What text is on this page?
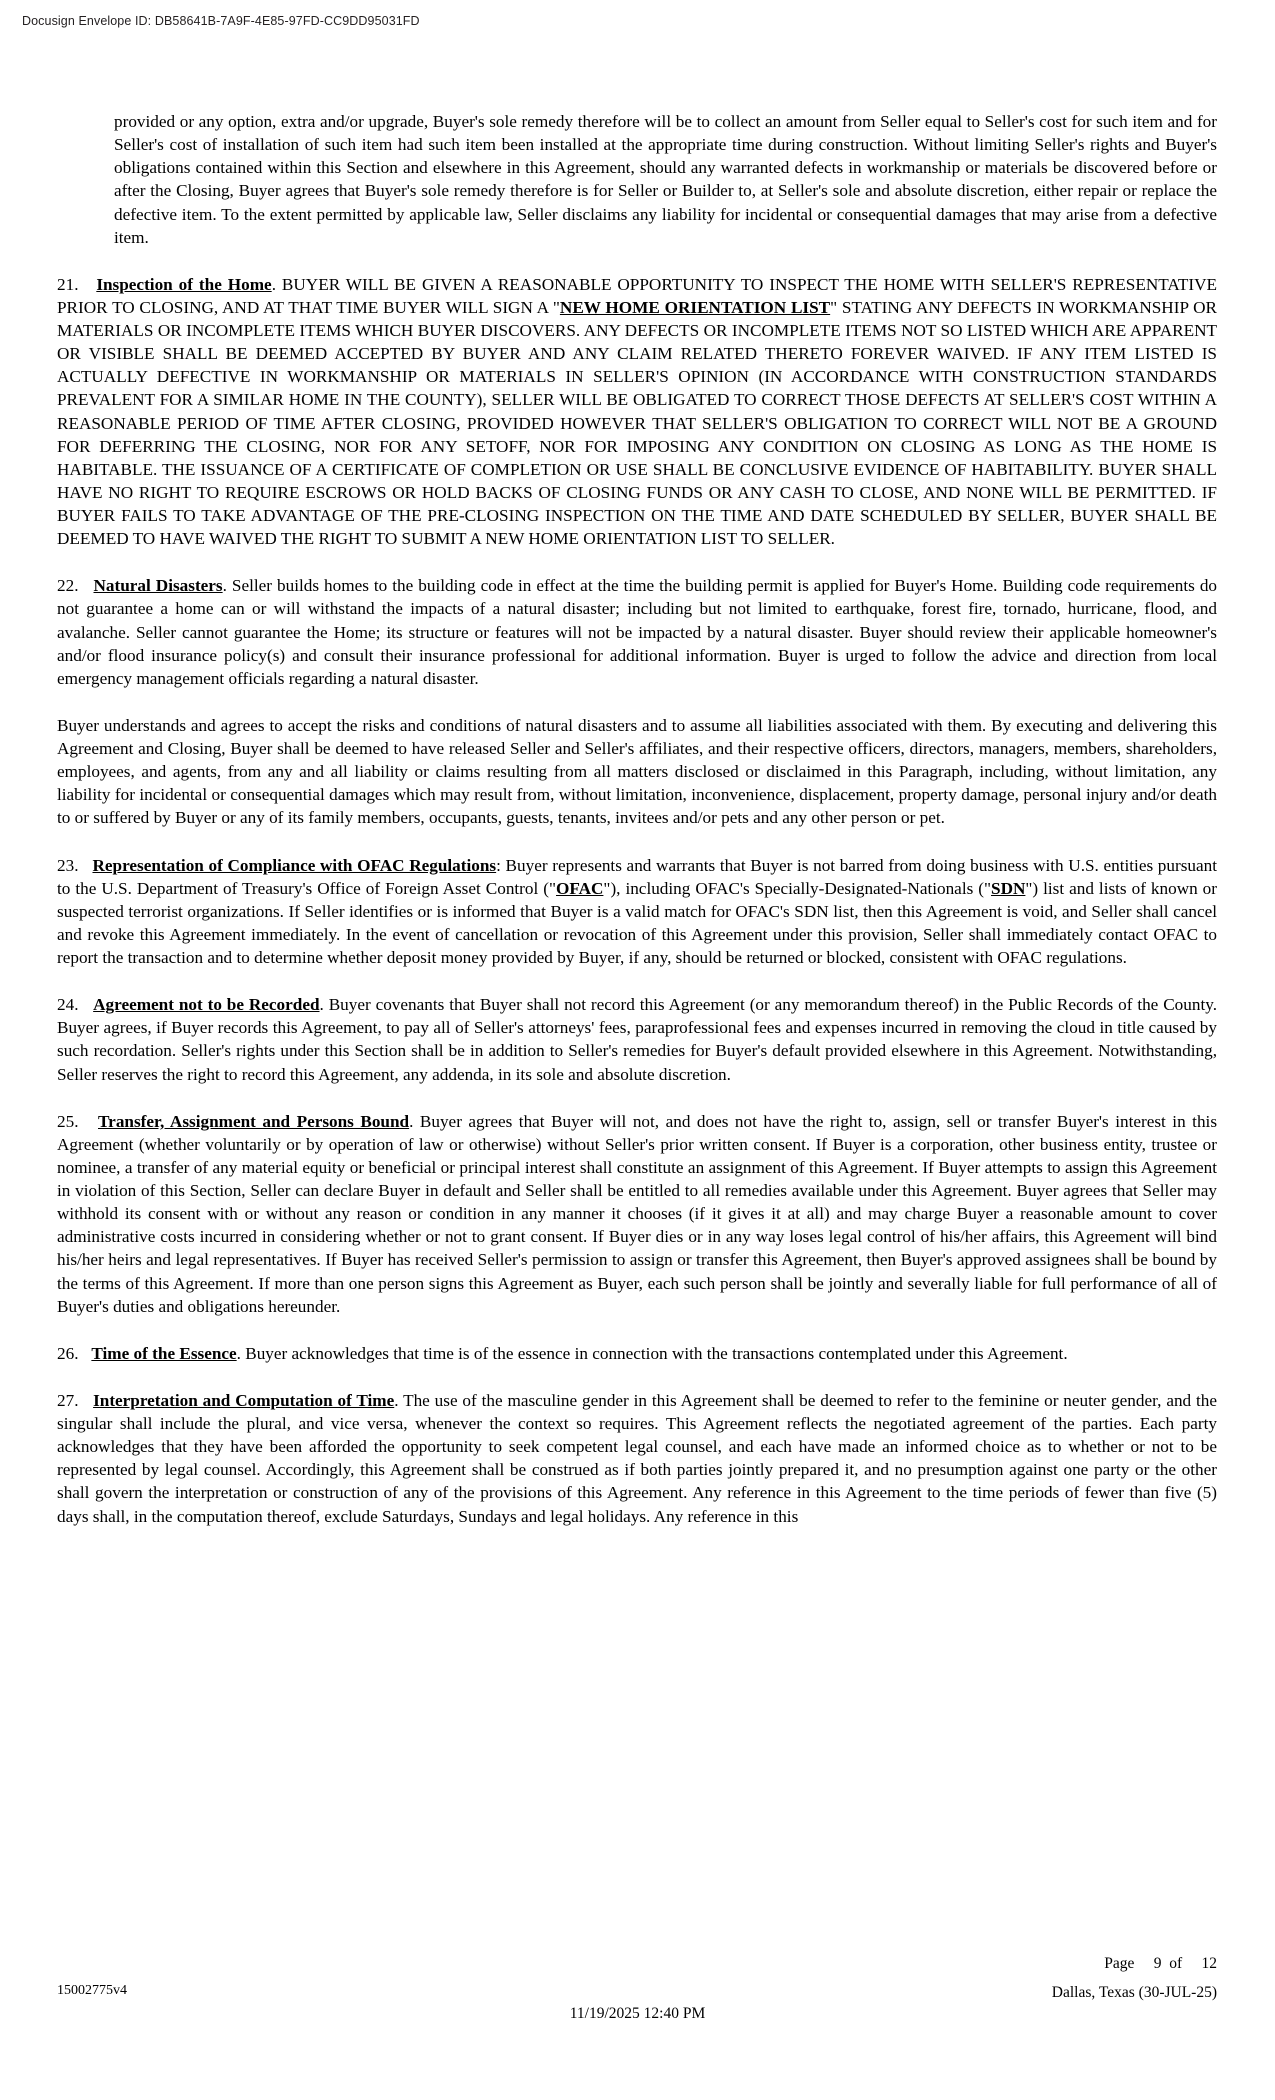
Docusign Envelope ID: DB58641B-7A9F-4E85-97FD-CC9DD95031FD

provided or any option, extra and/or upgrade, Buyer's sole remedy therefore will be to collect an amount from Seller equal to Seller's cost for such item and for Seller's cost of installation of such item had such item been installed at the appropriate time during construction. Without limiting Seller's rights and Buyer's obligations contained within this Section and elsewhere in this Agreement, should any warranted defects in workmanship or materials be discovered before or after the Closing, Buyer agrees that Buyer's sole remedy therefore is for Seller or Builder to, at Seller's sole and absolute discretion, either repair or replace the defective item. To the extent permitted by applicable law, Seller disclaims any liability for incidental or consequential damages that may arise from a defective item.

21. Inspection of the Home. BUYER WILL BE GIVEN A REASONABLE OPPORTUNITY TO INSPECT THE HOME WITH SELLER'S REPRESENTATIVE PRIOR TO CLOSING, AND AT THAT TIME BUYER WILL SIGN A "NEW HOME ORIENTATION LIST" STATING ANY DEFECTS IN WORKMANSHIP OR MATERIALS OR INCOMPLETE ITEMS WHICH BUYER DISCOVERS. ANY DEFECTS OR INCOMPLETE ITEMS NOT SO LISTED WHICH ARE APPARENT OR VISIBLE SHALL BE DEEMED ACCEPTED BY BUYER AND ANY CLAIM RELATED THERETO FOREVER WAIVED. IF ANY ITEM LISTED IS ACTUALLY DEFECTIVE IN WORKMANSHIP OR MATERIALS IN SELLER'S OPINION (IN ACCORDANCE WITH CONSTRUCTION STANDARDS PREVALENT FOR A SIMILAR HOME IN THE COUNTY), SELLER WILL BE OBLIGATED TO CORRECT THOSE DEFECTS AT SELLER'S COST WITHIN A REASONABLE PERIOD OF TIME AFTER CLOSING, PROVIDED HOWEVER THAT SELLER'S OBLIGATION TO CORRECT WILL NOT BE A GROUND FOR DEFERRING THE CLOSING, NOR FOR ANY SETOFF, NOR FOR IMPOSING ANY CONDITION ON CLOSING AS LONG AS THE HOME IS HABITABLE. THE ISSUANCE OF A CERTIFICATE OF COMPLETION OR USE SHALL BE CONCLUSIVE EVIDENCE OF HABITABILITY. BUYER SHALL HAVE NO RIGHT TO REQUIRE ESCROWS OR HOLD BACKS OF CLOSING FUNDS OR ANY CASH TO CLOSE, AND NONE WILL BE PERMITTED. IF BUYER FAILS TO TAKE ADVANTAGE OF THE PRE-CLOSING INSPECTION ON THE TIME AND DATE SCHEDULED BY SELLER, BUYER SHALL BE DEEMED TO HAVE WAIVED THE RIGHT TO SUBMIT A NEW HOME ORIENTATION LIST TO SELLER.

22. Natural Disasters. Seller builds homes to the building code in effect at the time the building permit is applied for Buyer's Home. Building code requirements do not guarantee a home can or will withstand the impacts of a natural disaster; including but not limited to earthquake, forest fire, tornado, hurricane, flood, and avalanche. Seller cannot guarantee the Home; its structure or features will not be impacted by a natural disaster. Buyer should review their applicable homeowner's and/or flood insurance policy(s) and consult their insurance professional for additional information. Buyer is urged to follow the advice and direction from local emergency management officials regarding a natural disaster.

Buyer understands and agrees to accept the risks and conditions of natural disasters and to assume all liabilities associated with them. By executing and delivering this Agreement and Closing, Buyer shall be deemed to have released Seller and Seller's affiliates, and their respective officers, directors, managers, members, shareholders, employees, and agents, from any and all liability or claims resulting from all matters disclosed or disclaimed in this Paragraph, including, without limitation, any liability for incidental or consequential damages which may result from, without limitation, inconvenience, displacement, property damage, personal injury and/or death to or suffered by Buyer or any of its family members, occupants, guests, tenants, invitees and/or pets and any other person or pet.

23. Representation of Compliance with OFAC Regulations: Buyer represents and warrants that Buyer is not barred from doing business with U.S. entities pursuant to the U.S. Department of Treasury's Office of Foreign Asset Control ("OFAC"), including OFAC's Specially-Designated-Nationals ("SDN") list and lists of known or suspected terrorist organizations. If Seller identifies or is informed that Buyer is a valid match for OFAC's SDN list, then this Agreement is void, and Seller shall cancel and revoke this Agreement immediately. In the event of cancellation or revocation of this Agreement under this provision, Seller shall immediately contact OFAC to report the transaction and to determine whether deposit money provided by Buyer, if any, should be returned or blocked, consistent with OFAC regulations.

24. Agreement not to be Recorded. Buyer covenants that Buyer shall not record this Agreement (or any memorandum thereof) in the Public Records of the County. Buyer agrees, if Buyer records this Agreement, to pay all of Seller's attorneys' fees, paraprofessional fees and expenses incurred in removing the cloud in title caused by such recordation. Seller's rights under this Section shall be in addition to Seller's remedies for Buyer's default provided elsewhere in this Agreement. Notwithstanding, Seller reserves the right to record this Agreement, any addenda, in its sole and absolute discretion.

25. Transfer, Assignment and Persons Bound. Buyer agrees that Buyer will not, and does not have the right to, assign, sell or transfer Buyer's interest in this Agreement (whether voluntarily or by operation of law or otherwise) without Seller's prior written consent. If Buyer is a corporation, other business entity, trustee or nominee, a transfer of any material equity or beneficial or principal interest shall constitute an assignment of this Agreement. If Buyer attempts to assign this Agreement in violation of this Section, Seller can declare Buyer in default and Seller shall be entitled to all remedies available under this Agreement. Buyer agrees that Seller may withhold its consent with or without any reason or condition in any manner it chooses (if it gives it at all) and may charge Buyer a reasonable amount to cover administrative costs incurred in considering whether or not to grant consent. If Buyer dies or in any way loses legal control of his/her affairs, this Agreement will bind his/her heirs and legal representatives. If Buyer has received Seller's permission to assign or transfer this Agreement, then Buyer's approved assignees shall be bound by the terms of this Agreement. If more than one person signs this Agreement as Buyer, each such person shall be jointly and severally liable for full performance of all of Buyer's duties and obligations hereunder.

26. Time of the Essence. Buyer acknowledges that time is of the essence in connection with the transactions contemplated under this Agreement.

27. Interpretation and Computation of Time. The use of the masculine gender in this Agreement shall be deemed to refer to the feminine or neuter gender, and the singular shall include the plural, and vice versa, whenever the context so requires. This Agreement reflects the negotiated agreement of the parties. Each party acknowledges that they have been afforded the opportunity to seek competent legal counsel, and each have made an informed choice as to whether or not to be represented by legal counsel. Accordingly, this Agreement shall be construed as if both parties jointly prepared it, and no presumption against one party or the other shall govern the interpretation or construction of any of the provisions of this Agreement. Any reference in this Agreement to the time periods of fewer than five (5) days shall, in the computation thereof, exclude Saturdays, Sundays and legal holidays. Any reference in this

15002775v4
11/19/2025 12:40 PM
Page     9  of     12
Dallas, Texas (30-JUL-25)
